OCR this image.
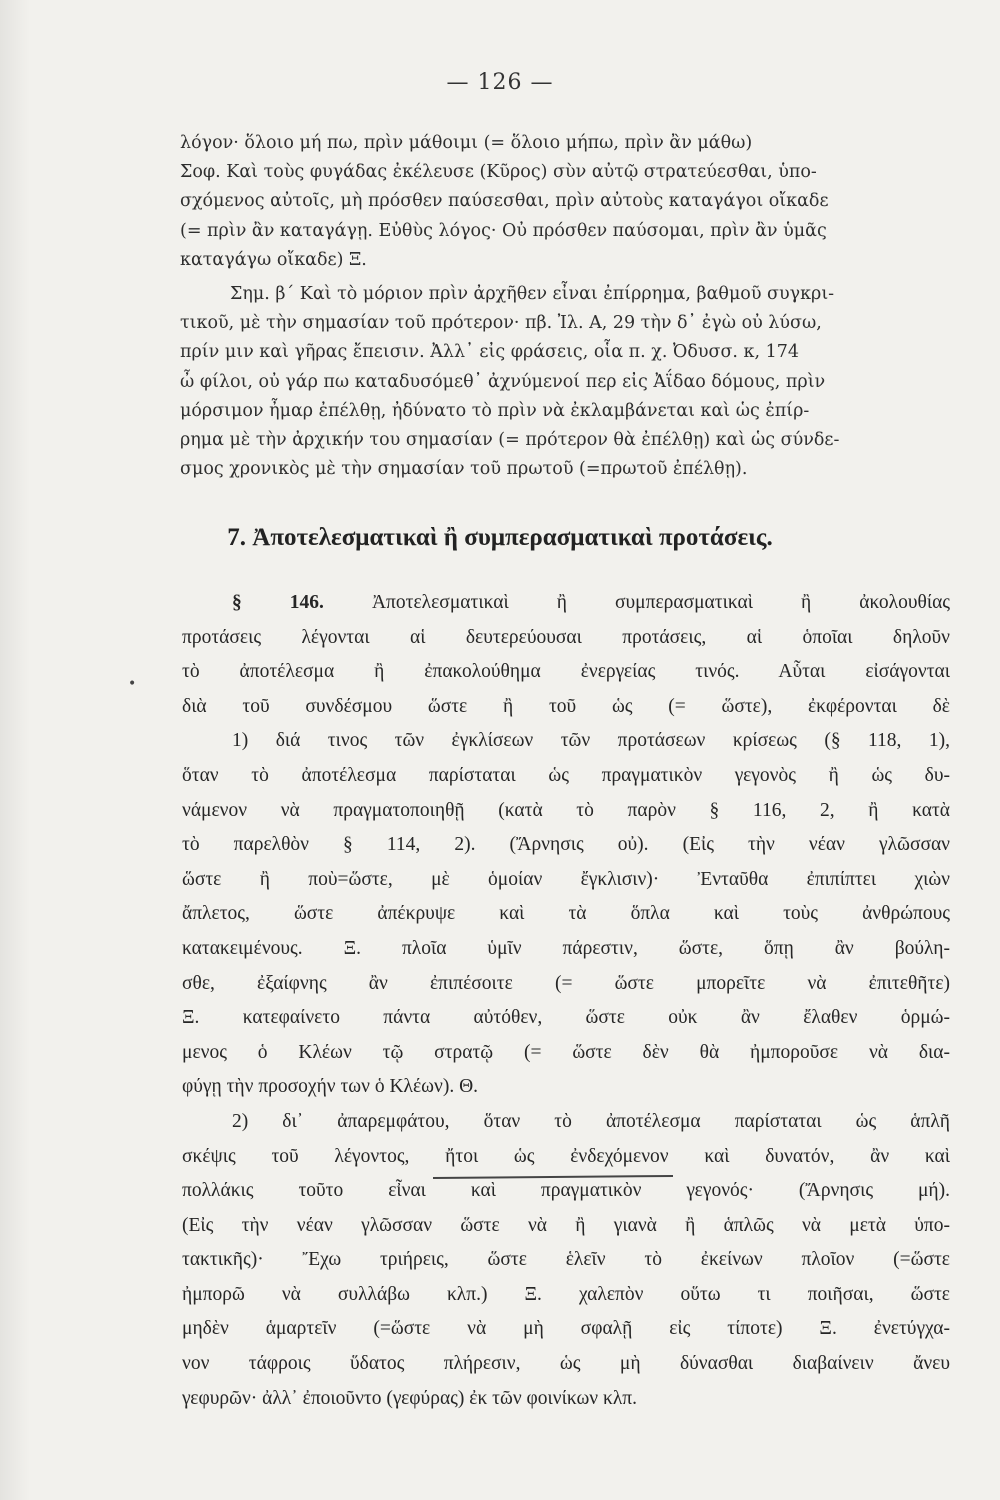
— 126 —
λόγον· ὅλοιο μή πω, πρὶν μάθοιμι (= ὅλοιο μήπω, πρὶν ἂν μάθω)
Σοφ. Καὶ τοὺς φυγάδας ἐκέλευσε (Κῦρος) σὺν αὐτῷ στρατεύεσθαι, ὑπο-
σχόμενος αὐτοῖς, μὴ πρόσθεν παύσεσθαι, πρὶν αὐτοὺς καταγάγοι οἴκαδε
(= πρὶν ἂν καταγάγῃ. Εὐθὺς λόγος· Οὐ πρόσθεν παύσομαι, πρὶν ἂν ὑμᾶς
καταγάγω οἴκαδε) Ξ.
Σημ. β΄ Καὶ τὸ μόριον πρὶν ἀρχῆθεν εἶναι ἐπίρρημα, βαθμοῦ συγκρι-
τικοῦ, μὲ τὴν σημασίαν τοῦ πρότερον· πβ. Ἰλ. Α, 29 τὴν δ᾽ ἐγὼ οὐ λύσω,
πρίν μιν καὶ γῆρας ἔπεισιν. Ἀλλ᾽ εἰς φράσεις, οἷα π. χ. Ὀδυσσ. κ, 174
ὦ φίλοι, οὐ γάρ πω καταδυσόμεθ᾽ ἀχνύμενοί περ εἰς Ἀΐδαο δόμους, πρὶν
μόρσιμον ἦμαρ ἐπέλθῃ, ἠδύνατο τὸ πρὶν νὰ ἐκλαμβάνεται καὶ ὡς ἐπίρ-
ρημα μὲ τὴν ἀρχικήν του σημασίαν (= πρότερον θὰ ἐπέλθῃ) καὶ ὡς σύνδε-
σμος χρονικὸς μὲ τὴν σημασίαν τοῦ πρωτοῦ (=πρωτοῦ ἐπέλθῃ).
7. Ἀποτελεσματικαὶ ἢ συμπερασματικαὶ προτάσεις.
§ 146. Ἀποτελεσματικαὶ ἢ συμπερασματικαὶ ἢ ἀκολουθίας
προτάσεις λέγονται αἱ δευτερεύουσαι προτάσεις, αἱ ὁποῖαι δηλοῦν
τὸ ἀποτέλεσμα ἢ ἐπακολούθημα ἐνεργείας τινός. Αὗται εἰσάγονται
διὰ τοῦ συνδέσμου ὥστε ἢ τοῦ ὡς (= ὥστε), ἐκφέρονται δὲ
1) διά τινος τῶν ἐγκλίσεων τῶν προτάσεων κρίσεως (§ 118, 1),
ὅταν τὸ ἀποτέλεσμα παρίσταται ὡς πραγματικὸν γεγονὸς ἢ ὡς δυ-
νάμενον νὰ πραγματοποιηθῇ (κατὰ τὸ παρὸν § 116, 2, ἢ κατὰ
τὸ παρελθὸν § 114, 2). (Ἄρνησις οὐ). (Εἰς τὴν νέαν γλῶσσαν
ὥστε ἢ ποὺ=ὥστε, μὲ ὁμοίαν ἔγκλισιν)· Ἐνταῦθα ἐπιπίπτει χιὼν
ἄπλετος, ὥστε ἀπέκρυψε καὶ τὰ ὅπλα καὶ τοὺς ἀνθρώπους
κατακειμένους. Ξ. πλοῖα ὑμῖν πάρεστιν, ὥστε, ὅπῃ ἂν βούλη-
σθε, ἐξαίφνης ἂν ἐπιπέσοιτε (= ὥστε μπορεῖτε νὰ ἐπιτεθῆτε)
Ξ. κατεφαίνετο πάντα αὐτόθεν, ὥστε οὐκ ἂν ἔλαθεν ὁρμώ-
μενος ὁ Κλέων τῷ στρατῷ (= ὥστε δὲν θὰ ἠμποροῦσε νὰ δια-
φύγῃ τὴν προσοχήν των ὁ Κλέων). Θ.
2) δι᾽ ἀπαρεμφάτου, ὅταν τὸ ἀποτέλεσμα παρίσταται ὡς ἁπλῆ
σκέψις τοῦ λέγοντος, ἤτοι ὡς ἐνδεχόμενον καὶ δυνατόν, ἂν καὶ
πολλάκις τοῦτο εἶναι καὶ πραγματικὸν γεγονός· (Ἄρνησις μή).
(Εἰς τὴν νέαν γλῶσσαν ὥστε νὰ ἢ γιανὰ ἢ ἁπλῶς νὰ μετὰ ὑπο-
τακτικῆς)· Ἔχω τριήρεις, ὥστε ἑλεῖν τὸ ἐκείνων πλοῖον (=ὥστε
ἠμπορῶ νὰ συλλάβω κλπ.) Ξ. χαλεπὸν οὕτω τι ποιῆσαι, ὥστε
μηδὲν ἁμαρτεῖν (=ὥστε νὰ μὴ σφαλῇ εἰς τίποτε) Ξ. ἐνετύγχα-
νον τάφροις ὕδατος πλήρεσιν, ὡς μὴ δύνασθαι διαβαίνειν ἄνευ
γεφυρῶν· ἀλλ᾽ ἐποιοῦντο (γεφύρας) ἐκ τῶν φοινίκων κλπ.
•
